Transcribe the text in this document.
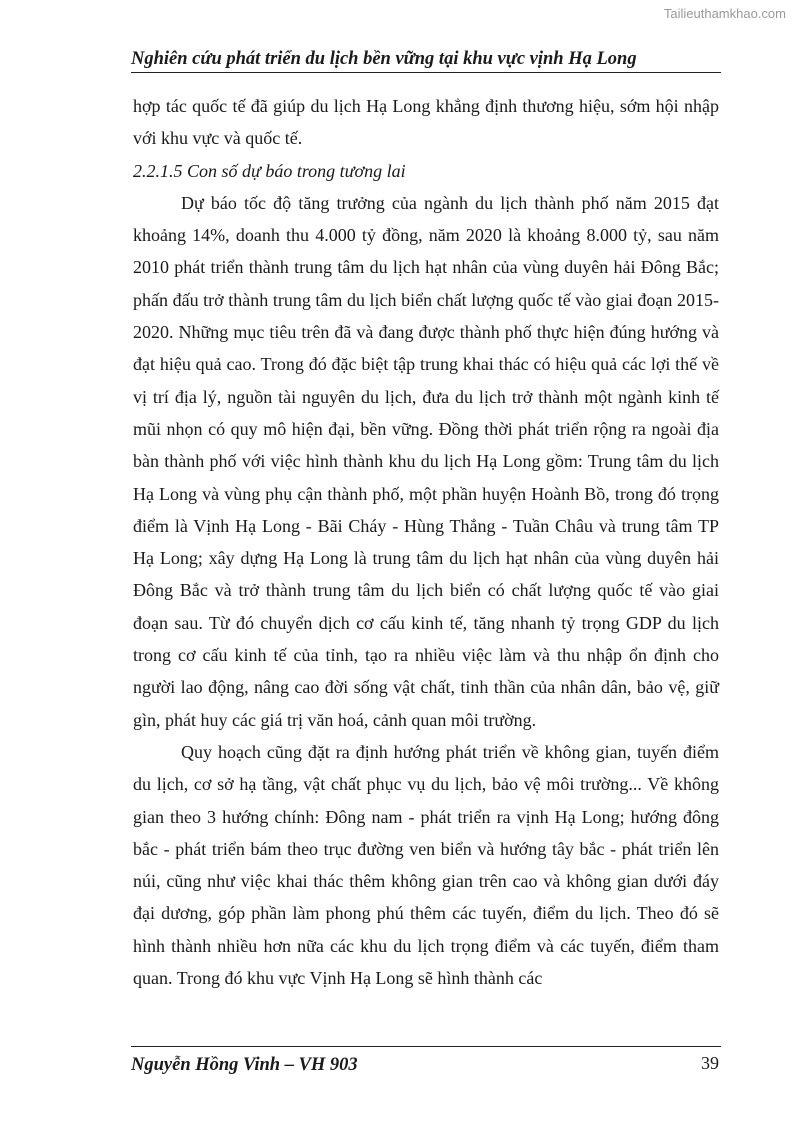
Tailieuthamkhao.com
Nghiên cứu phát triển du lịch bền vững tại khu vực vịnh Hạ Long

hợp tác quốc tế đã giúp du lịch Hạ Long khẳng định thương hiệu, sớm hội nhập với khu vực và quốc tế.

2.2.1.5 Con số dự báo trong tương lai

Dự báo tốc độ tăng trưởng của ngành du lịch thành phố năm 2015 đạt khoảng 14%, doanh thu 4.000 tỷ đồng, năm 2020 là khoảng 8.000 tỷ, sau năm 2010 phát triển thành trung tâm du lịch hạt nhân của vùng duyên hải Đông Bắc; phấn đấu trở thành trung tâm du lịch biển chất lượng quốc tế vào giai đoạn 2015-2020. Những mục tiêu trên đã và đang được thành phố thực hiện đúng hướng và đạt hiệu quả cao. Trong đó đặc biệt tập trung khai thác có hiệu quả các lợi thế về vị trí địa lý, nguồn tài nguyên du lịch, đưa du lịch trở thành một ngành kinh tế mũi nhọn có quy mô hiện đại, bền vững. Đồng thời phát triển rộng ra ngoài địa bàn thành phố với việc hình thành khu du lịch Hạ Long gồm: Trung tâm du lịch Hạ Long và vùng phụ cận thành phố, một phần huyện Hoành Bồ, trong đó trọng điểm là Vịnh Hạ Long - Bãi Cháy - Hùng Thắng - Tuần Châu và trung tâm TP Hạ Long; xây dựng Hạ Long là trung tâm du lịch hạt nhân của vùng duyên hải Đông Bắc và trở thành trung tâm du lịch biển có chất lượng quốc tế vào giai đoạn sau. Từ đó chuyển dịch cơ cấu kinh tế, tăng nhanh tỷ trọng GDP du lịch trong cơ cấu kinh tế của tỉnh, tạo ra nhiều việc làm và thu nhập ổn định cho người lao động, nâng cao đời sống vật chất, tinh thần của nhân dân, bảo vệ, giữ gìn, phát huy các giá trị văn hoá, cảnh quan môi trường.

Quy hoạch cũng đặt ra định hướng phát triển về không gian, tuyến điểm du lịch, cơ sở hạ tầng, vật chất phục vụ du lịch, bảo vệ môi trường... Về không gian theo 3 hướng chính: Đông nam - phát triển ra vịnh Hạ Long; hướng đông bắc - phát triển bám theo trục đường ven biển và hướng tây bắc - phát triển lên núi, cũng như việc khai thác thêm không gian trên cao và không gian dưới đáy đại dương, góp phần làm phong phú thêm các tuyến, điểm du lịch. Theo đó sẽ hình thành nhiều hơn nữa các khu du lịch trọng điểm và các tuyến, điểm tham quan. Trong đó khu vực Vịnh Hạ Long sẽ hình thành các

Nguyễn Hồng Vinh – VH 903	39
